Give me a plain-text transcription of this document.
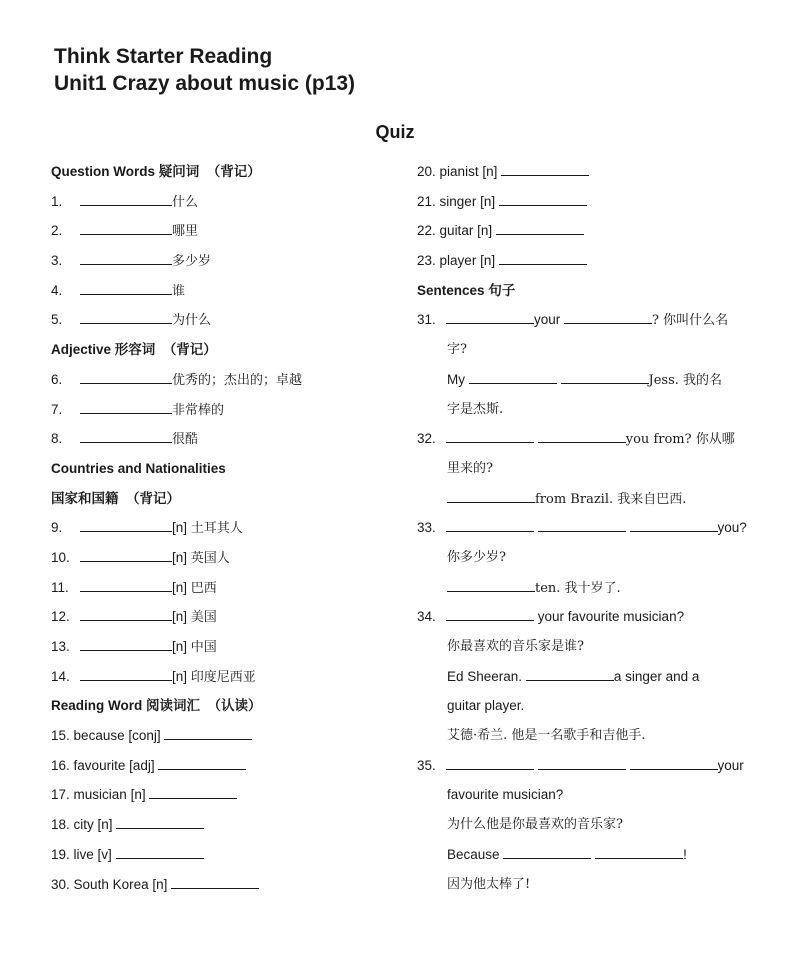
Think Starter Reading
Unit1 Crazy about music (p13)
Quiz
Question Words 疑问词 （背记）
1.	什么
2.	哪里
3.	多少岁
4.	谁
5.	为什么
Adjective 形容词 （背记）
6.	优秀的；杰出的；卓越
7.	非常棒的
8.	很酷
Countries and Nationalities
国家和国籍 （背记）
9.	[n] 土耳其人
10.	[n] 英国人
11.	[n] 巴西
12.	[n] 美国
13.	[n] 中国
14.	[n] 印度尼西亚
Reading Word 阅读词汇 （认读）
15. because [conj]
16. favourite [adj]
17. musician [n]
18. city [n]
19. live [v]
30. South Korea [n]
20. pianist [n]
21. singer [n]
22. guitar [n]
23. player [n]
Sentences 句子
31.	your	? 你叫什么名
字?
My	Jess. 我的名
字是杰斯.
32.	you from? 你从哪
里来的?
from Brazil. 我来自巴西.
33.	you?
你多少岁?
ten. 我十岁了.
34.	your favourite musician?
你最喜欢的音乐家是谁?
Ed Sheeran.	a singer and a
guitar player.
艾德·希兰. 他是一名歌手和吉他手.
35.	your
favourite musician?
为什么他是你最喜欢的音乐家?
Because	!
因为他太棒了!
